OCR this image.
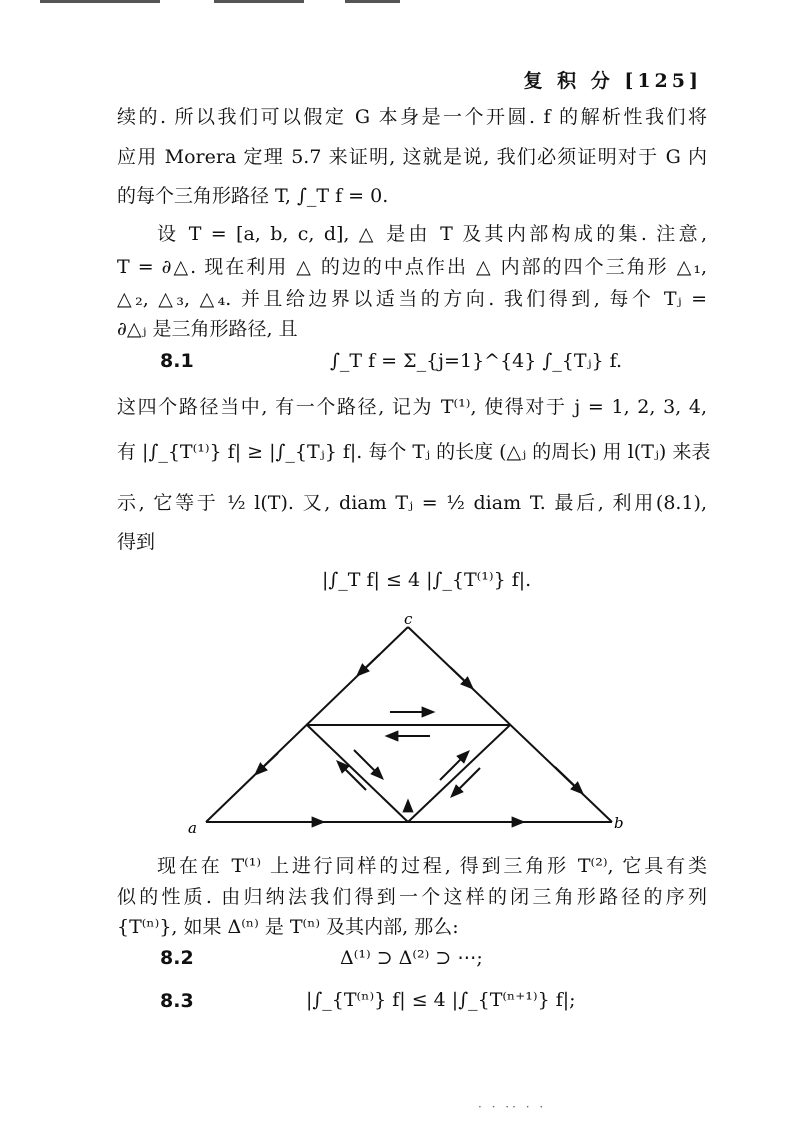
复 积 分 [125]
续的. 所以我们可以假定 G 本身是一个开圆. f 的解析性我们将
应用 Morera 定理 5.7 来证明, 这就是说, 我们必须证明对于 G 内
的每个三角形路径 T, ∫_T f = 0.
设 T = [a, b, c, d], △ 是由 T 及其内部构成的集. 注意,
T = ∂△. 现在利用 △ 的边的中点作出 △ 内部的四个三角形 △₁,
△₂, △₃, △₄. 并且给边界以适当的方向. 我们得到, 每个 Tⱼ =
∂△ⱼ 是三角形路径, 且
8.1	∫_T f = Σ_{j=1}^{4} ∫_{Tⱼ} f.
这四个路径当中, 有一个路径, 记为 T⁽¹⁾, 使得对于 j = 1, 2, 3, 4,
有 |∫_{T⁽¹⁾} f| ≥ |∫_{Tⱼ} f|. 每个 Tⱼ 的长度 (△ⱼ 的周长) 用 l(Tⱼ) 来表
示, 它等于 ½ l(T). 又, diam Tⱼ = ½ diam T. 最后, 利用(8.1),
得到
|∫_T f| ≤ 4 |∫_{T⁽¹⁾} f|.
c
a	b
现在在 T⁽¹⁾ 上进行同样的过程, 得到三角形 T⁽²⁾, 它具有类
似的性质. 由归纳法我们得到一个这样的闭三角形路径的序列
{T⁽ⁿ⁾}, 如果 Δ⁽ⁿ⁾ 是 T⁽ⁿ⁾ 及其内部, 那么:
8.2	Δ⁽¹⁾ ⊃ Δ⁽²⁾ ⊃ ⋯;
8.3	|∫_{T⁽ⁿ⁾} f| ≤ 4 |∫_{T⁽ⁿ⁺¹⁾} f|;
· · ·· · ·
